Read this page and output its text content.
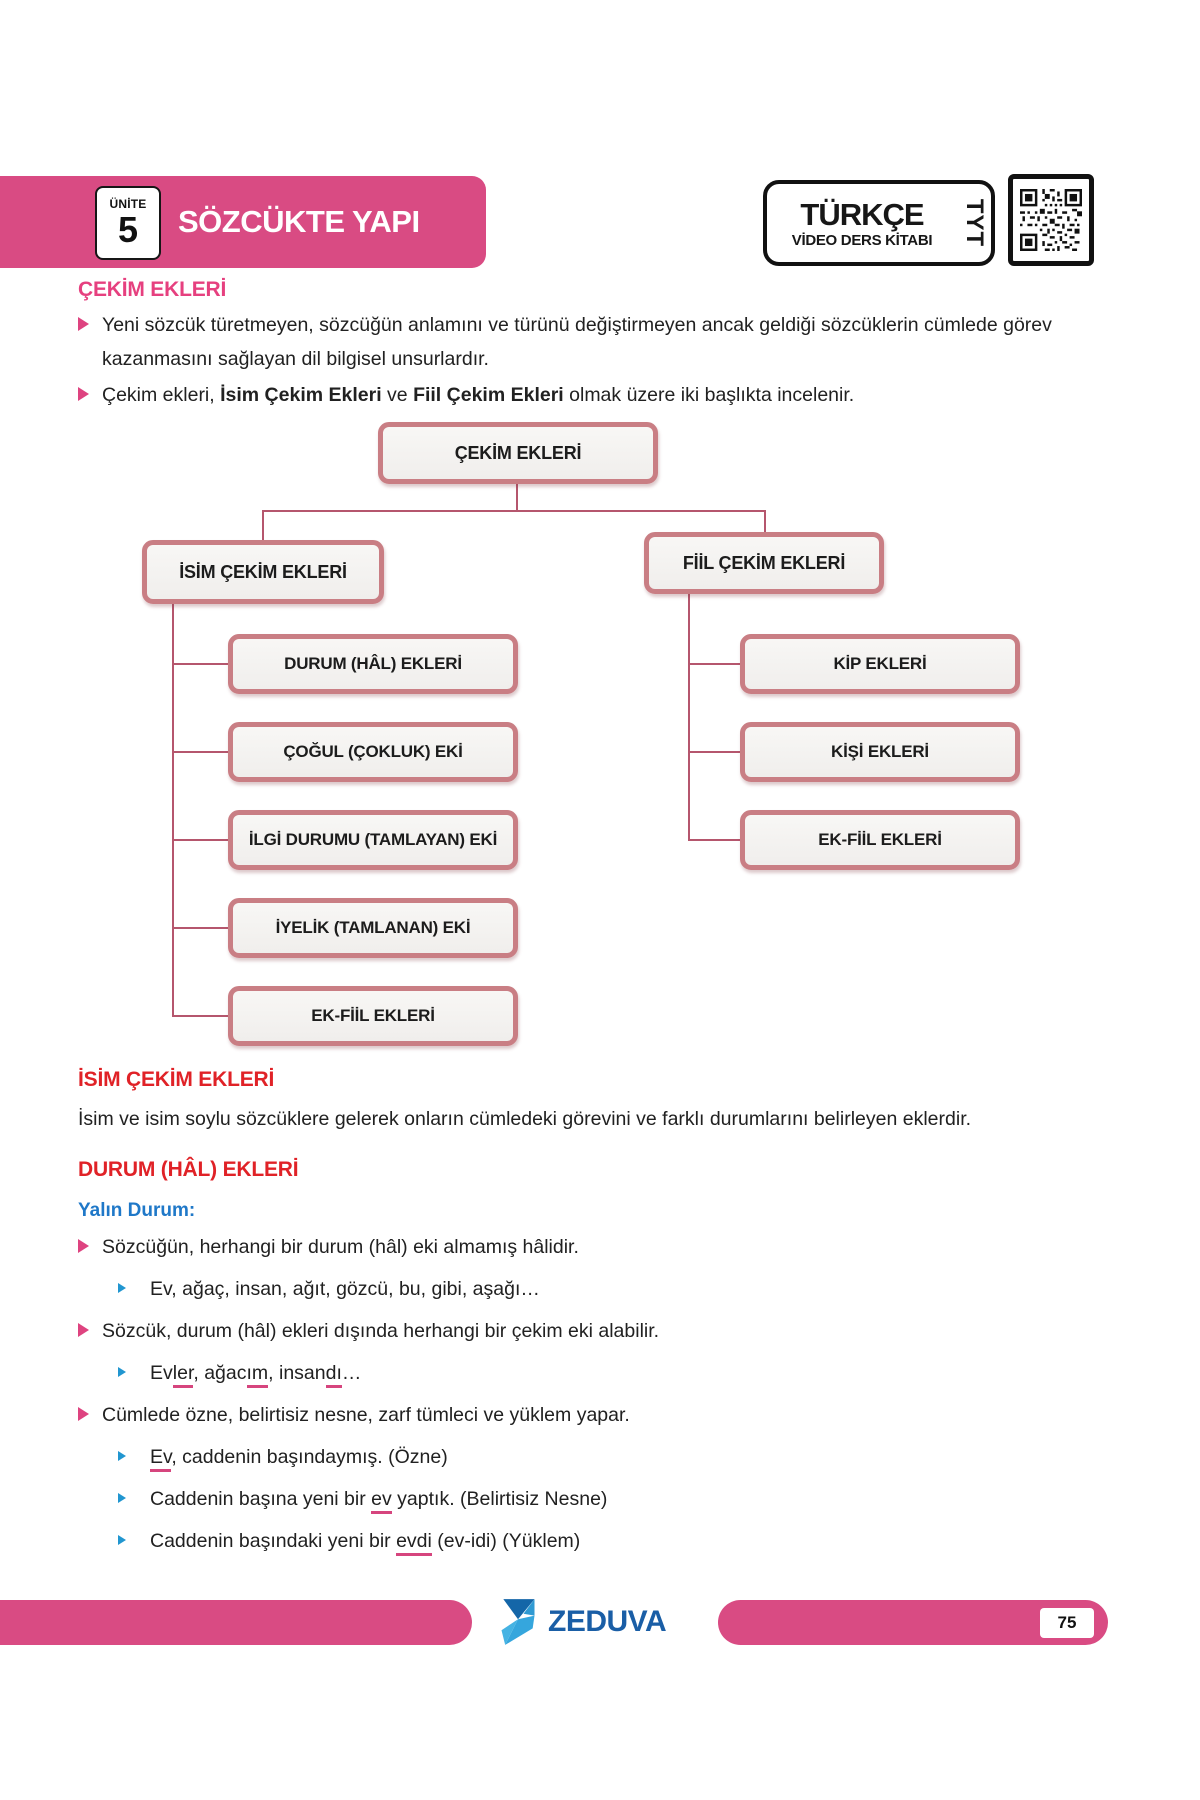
ÜNİTE
5 SÖZCÜKTE YAPI	TÜRKÇE
VİDEO DERS KİTABI TYT
ÇEKİM EKLERİ
Yeni sözcük türetmeyen, sözcüğün anlamını ve türünü değiştirmeyen ancak geldiği sözcüklerin cümlede görev kazanmasını sağlayan dil bilgisel unsurlardır.
Çekim ekleri, İsim Çekim Ekleri ve Fiil Çekim Ekleri olmak üzere iki başlıkta incelenir.
ÇEKİM EKLERİ
İSİM ÇEKİM EKLERİ	FİİL ÇEKİM EKLERİ
DURUM (HÂL) EKLERİ
ÇOĞUL (ÇOKLUK) EKİ
İLGİ DURUMU (TAMLAYAN) EKİ
İYELİK (TAMLANAN) EKİ
EK-FİİL EKLERİ
KİP EKLERİ
KİŞİ EKLERİ
EK-FİİL EKLERİ
İSİM ÇEKİM EKLERİ
İsim ve isim soylu sözcüklere gelerek onların cümledeki görevini ve farklı durumlarını belirleyen eklerdir.
DURUM (HÂL) EKLERİ
Yalın Durum:
Sözcüğün, herhangi bir durum (hâl) eki almamış hâlidir.
Ev, ağaç, insan, ağıt, gözcü, bu, gibi, aşağı…
Sözcük, durum (hâl) ekleri dışında herhangi bir çekim eki alabilir.
Evler, ağacım, insandı…
Cümlede özne, belirtisiz nesne, zarf tümleci ve yüklem yapar.
Ev, caddenin başındaymış. (Özne)
Caddenin başına yeni bir ev yaptık. (Belirtisiz Nesne)
Caddenin başındaki yeni bir evdi (ev-idi) (Yüklem)
ZEDUVA	75
